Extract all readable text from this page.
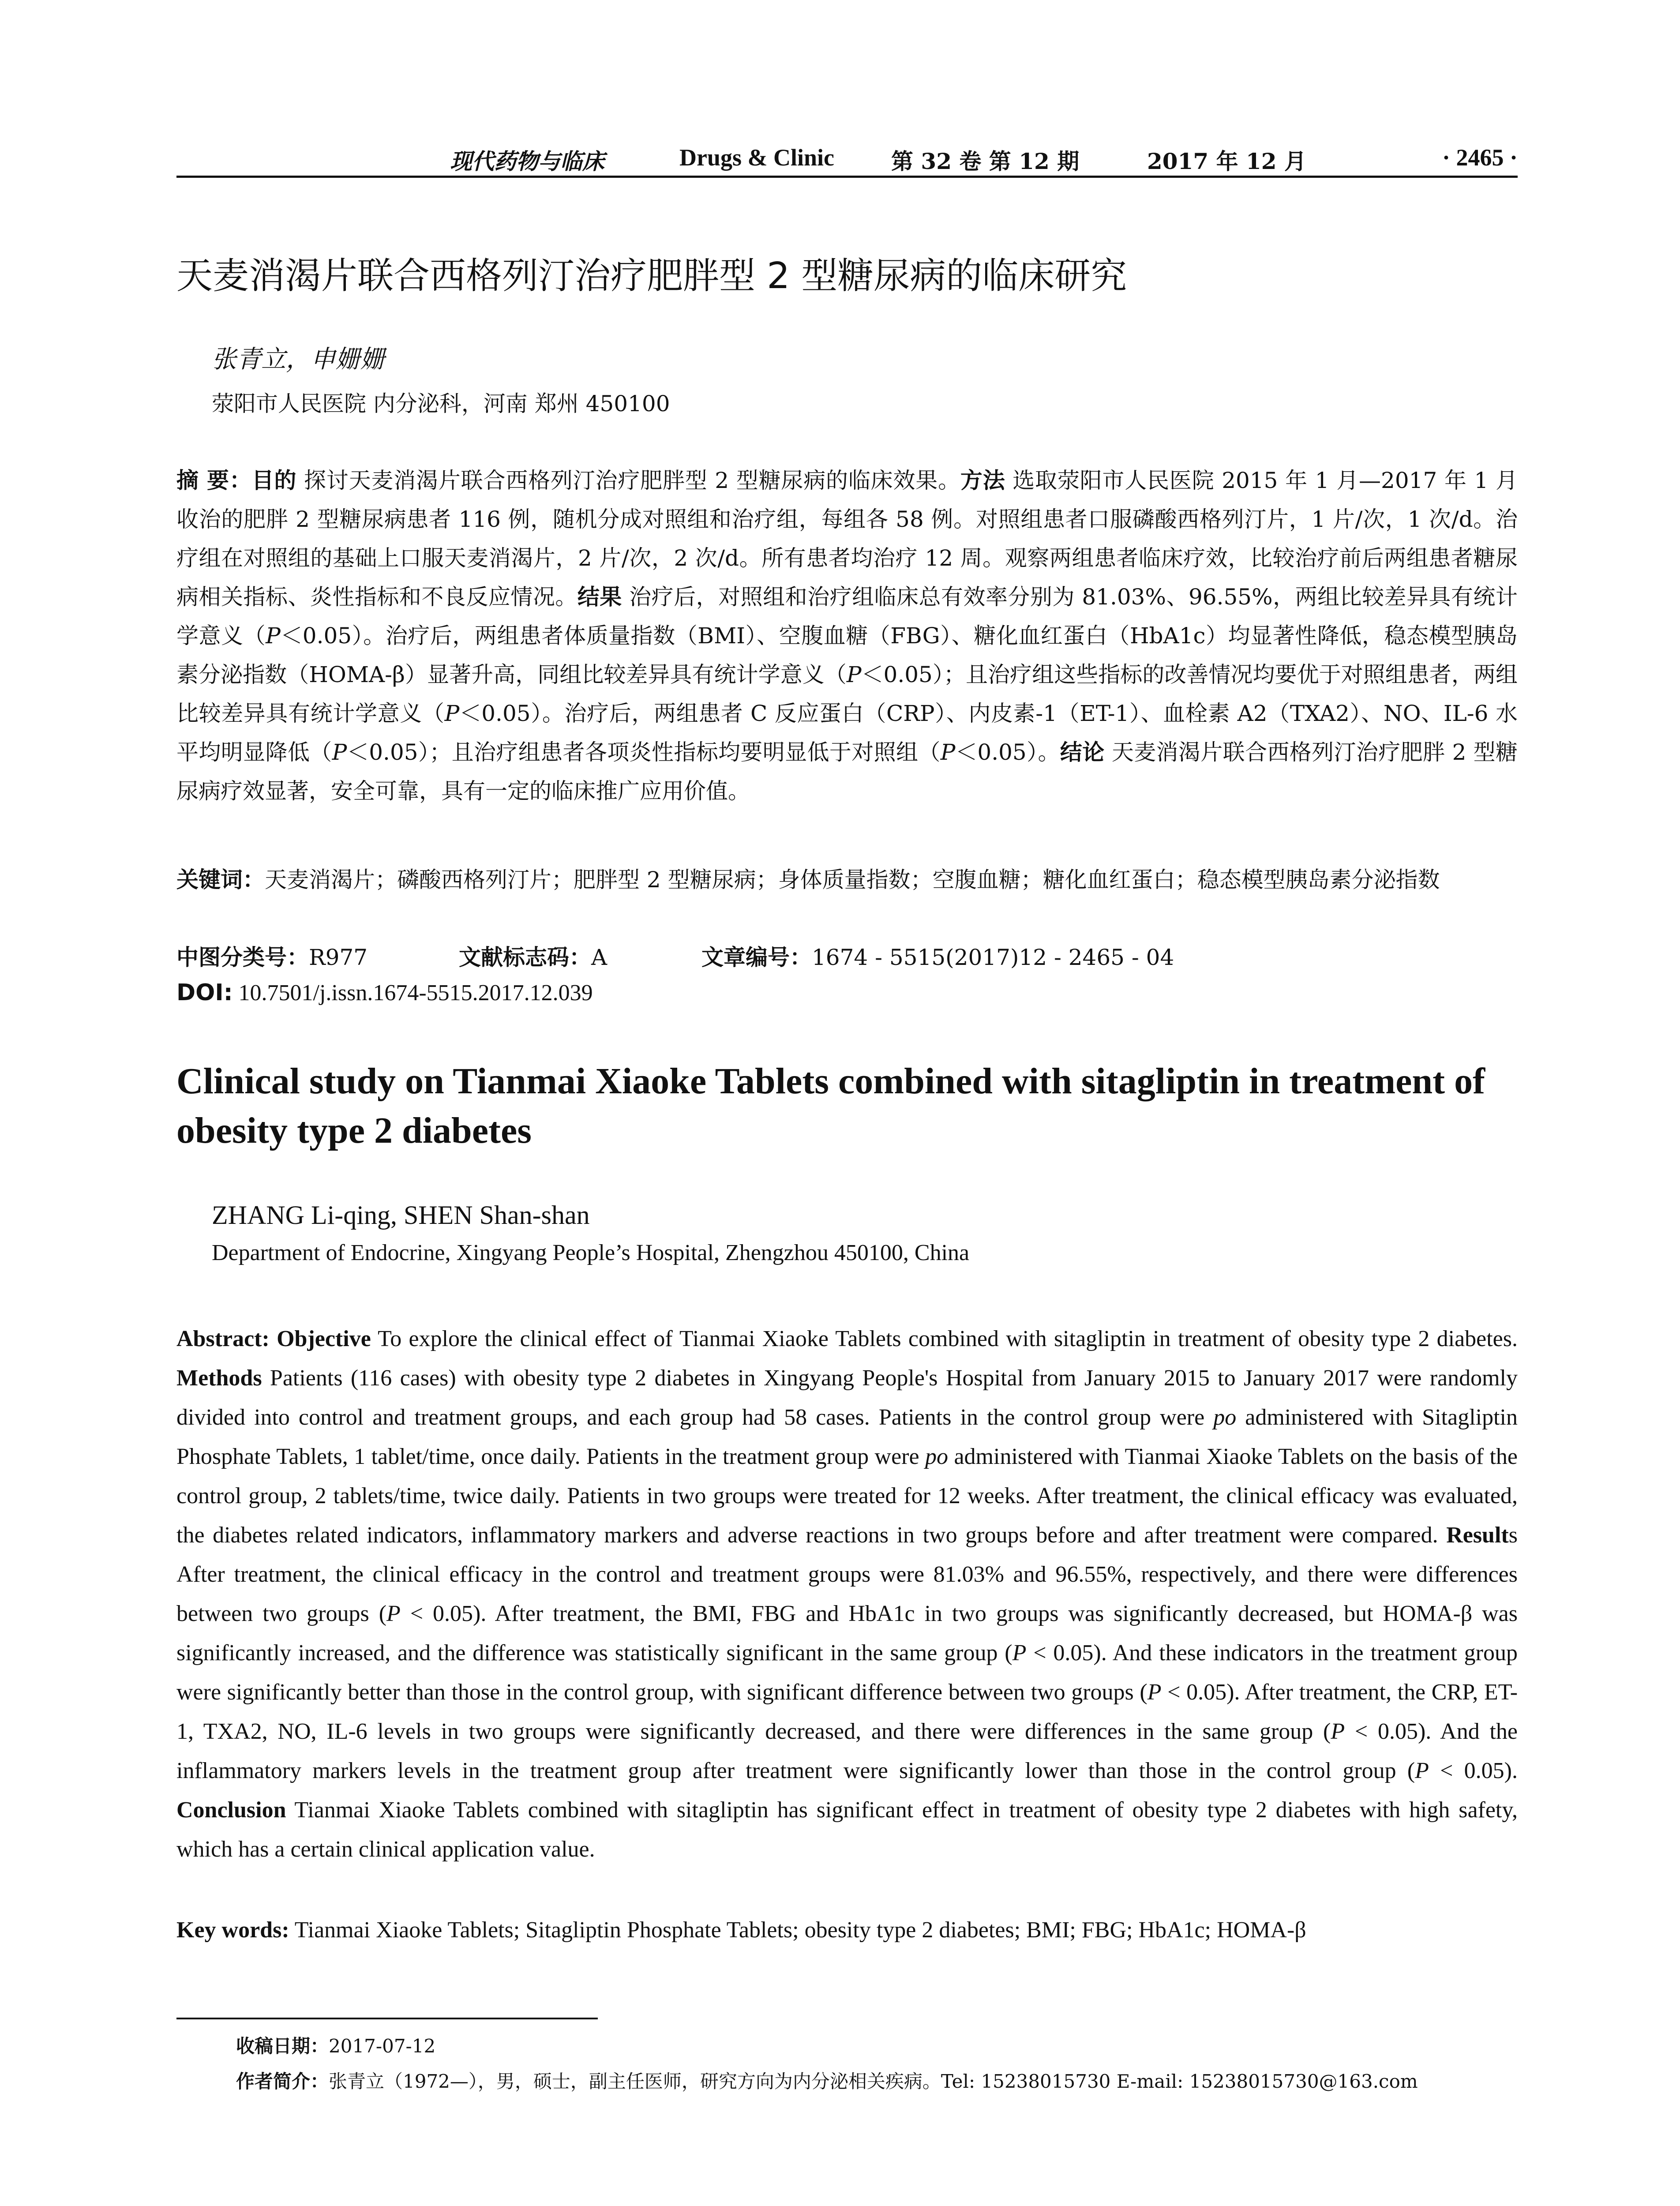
现代药物与临床	Drugs & Clinic	第 32 卷 第 12 期	2017 年 12 月	· 2465 ·
天麦消渴片联合西格列汀治疗肥胖型 2 型糖尿病的临床研究
张青立，申姗姗
荥阳市人民医院 内分泌科，河南 郑州 450100
摘 要：目的 探讨天麦消渴片联合西格列汀治疗肥胖型 2 型糖尿病的临床效果。方法 选取荥阳市人民医院 2015 年 1 月—2017 年 1 月收治的肥胖 2 型糖尿病患者 116 例，随机分成对照组和治疗组，每组各 58 例。对照组患者口服磷酸西格列汀片，1 片/次，1 次/d。治疗组在对照组的基础上口服天麦消渴片，2 片/次，2 次/d。所有患者均治疗 12 周。观察两组患者临床疗效，比较治疗前后两组患者糖尿病相关指标、炎性指标和不良反应情况。结果 治疗后，对照组和治疗组临床总有效率分别为 81.03%、96.55%，两组比较差异具有统计学意义（P＜0.05）。治疗后，两组患者体质量指数（BMI）、空腹血糖（FBG）、糖化血红蛋白（HbA1c）均显著性降低，稳态模型胰岛素分泌指数（HOMA-β）显著升高，同组比较差异具有统计学意义（P＜0.05）；且治疗组这些指标的改善情况均要优于对照组患者，两组比较差异具有统计学意义（P＜0.05）。治疗后，两组患者 C 反应蛋白（CRP）、内皮素-1（ET-1）、血栓素 A2（TXA2）、NO、IL-6 水平均明显降低（P＜0.05）；且治疗组患者各项炎性指标均要明显低于对照组（P＜0.05）。结论 天麦消渴片联合西格列汀治疗肥胖 2 型糖尿病疗效显著，安全可靠，具有一定的临床推广应用价值。
关键词：天麦消渴片；磷酸西格列汀片；肥胖型 2 型糖尿病；身体质量指数；空腹血糖；糖化血红蛋白；稳态模型胰岛素分泌指数
中图分类号：R977	文献标志码：A	文章编号：1674 - 5515(2017)12 - 2465 - 04
DOI: 10.7501/j.issn.1674-5515.2017.12.039
Clinical study on Tianmai Xiaoke Tablets combined with sitagliptin in treatment of obesity type 2 diabetes
ZHANG Li-qing, SHEN Shan-shan
Department of Endocrine, Xingyang People’s Hospital, Zhengzhou 450100, China
Abstract: Objective To explore the clinical effect of Tianmai Xiaoke Tablets combined with sitagliptin in treatment of obesity type 2 diabetes. Methods Patients (116 cases) with obesity type 2 diabetes in Xingyang People's Hospital from January 2015 to January 2017 were randomly divided into control and treatment groups, and each group had 58 cases. Patients in the control group were po administered with Sitagliptin Phosphate Tablets, 1 tablet/time, once daily. Patients in the treatment group were po administered with Tianmai Xiaoke Tablets on the basis of the control group, 2 tablets/time, twice daily. Patients in two groups were treated for 12 weeks. After treatment, the clinical efficacy was evaluated, the diabetes related indicators, inflammatory markers and adverse reactions in two groups before and after treatment were compared. Results After treatment, the clinical efficacy in the control and treatment groups were 81.03% and 96.55%, respectively, and there were differences between two groups (P < 0.05). After treatment, the BMI, FBG and HbA1c in two groups was significantly decreased, but HOMA-β was significantly increased, and the difference was statistically significant in the same group (P < 0.05). And these indicators in the treatment group were significantly better than those in the control group, with significant difference between two groups (P < 0.05). After treatment, the CRP, ET-1, TXA2, NO, IL-6 levels in two groups were significantly decreased, and there were differences in the same group (P < 0.05). And the inflammatory markers levels in the treatment group after treatment were significantly lower than those in the control group (P < 0.05). Conclusion Tianmai Xiaoke Tablets combined with sitagliptin has significant effect in treatment of obesity type 2 diabetes with high safety, which has a certain clinical application value.
Key words: Tianmai Xiaoke Tablets; Sitagliptin Phosphate Tablets; obesity type 2 diabetes; BMI; FBG; HbA1c; HOMA-β
收稿日期：2017-07-12
作者简介：张青立（1972—），男，硕士，副主任医师，研究方向为内分泌相关疾病。Tel: 15238015730 E-mail: 15238015730@163.com
